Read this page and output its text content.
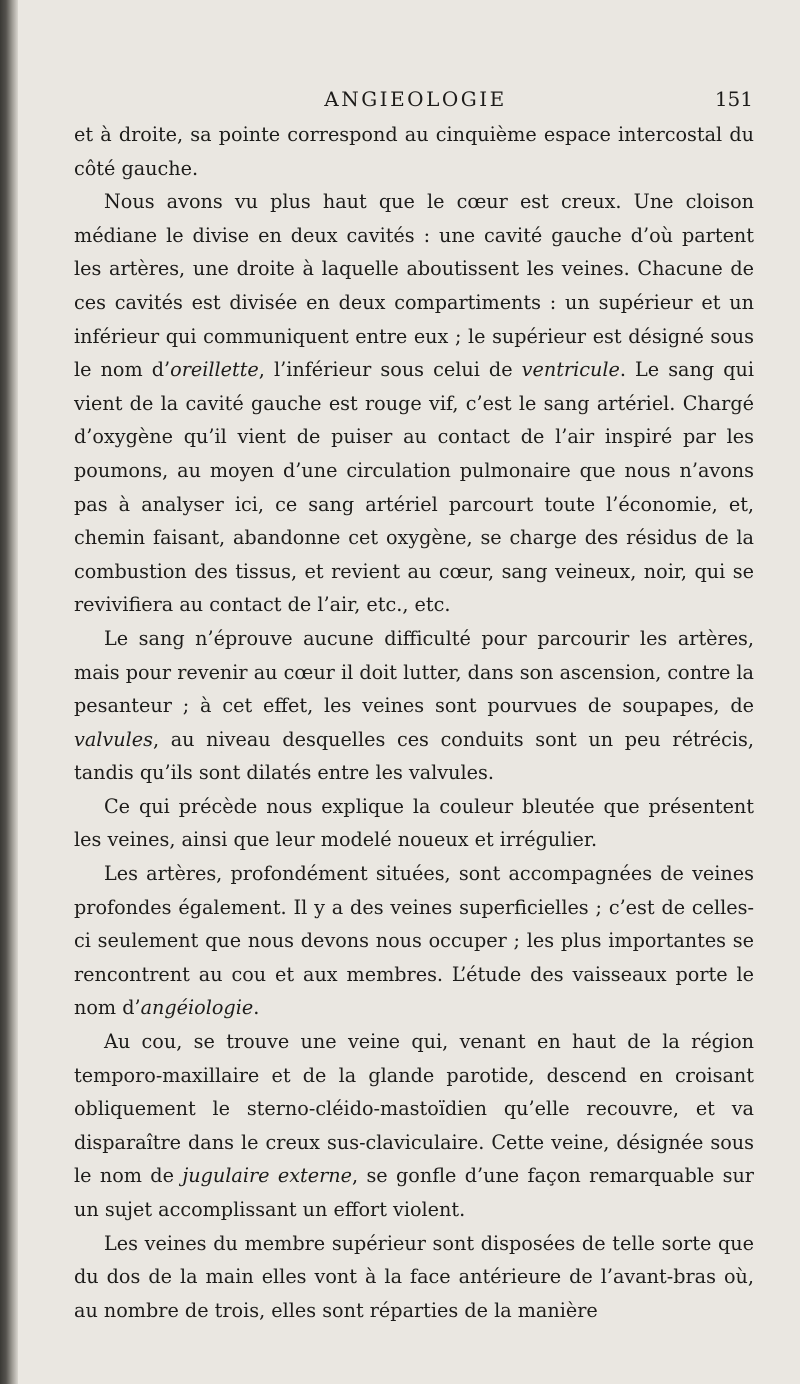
ANGIEOLOGIE	151

et à droite, sa pointe correspond au cinquième espace intercostal du côté gauche.

Nous avons vu plus haut que le cœur est creux. Une cloison médiane le divise en deux cavités : une cavité gauche d’où partent les artères, une droite à laquelle aboutissent les veines. Chacune de ces cavités est divisée en deux compartiments : un supérieur et un inférieur qui communiquent entre eux ; le supérieur est désigné sous le nom d’oreillette, l’inférieur sous celui de ventricule. Le sang qui vient de la cavité gauche est rouge vif, c’est le sang artériel. Chargé d’oxygène qu’il vient de puiser au contact de l’air inspiré par les poumons, au moyen d’une circulation pulmonaire que nous n’avons pas à analyser ici, ce sang artériel parcourt toute l’économie, et, chemin faisant, abandonne cet oxygène, se charge des résidus de la combustion des tissus, et revient au cœur, sang veineux, noir, qui se revivifiera au contact de l’air, etc., etc.

Le sang n’éprouve aucune difficulté pour parcourir les artères, mais pour revenir au cœur il doit lutter, dans son ascension, contre la pesanteur ; à cet effet, les veines sont pourvues de soupapes, de valvules, au niveau desquelles ces conduits sont un peu rétrécis, tandis qu’ils sont dilatés entre les valvules.

Ce qui précède nous explique la couleur bleutée que présentent les veines, ainsi que leur modelé noueux et irrégulier.

Les artères, profondément situées, sont accompagnées de veines profondes également. Il y a des veines superficielles ; c’est de celles-ci seulement que nous devons nous occuper ; les plus importantes se rencontrent au cou et aux membres. L’étude des vaisseaux porte le nom d’angéiologie.

Au cou, se trouve une veine qui, venant en haut de la région temporo-maxillaire et de la glande parotide, descend en croisant obliquement le sterno-cléido-mastoïdien qu’elle recouvre, et va disparaître dans le creux sus-claviculaire. Cette veine, désignée sous le nom de jugulaire externe, se gonfle d’une façon remarquable sur un sujet accomplissant un effort violent.

Les veines du membre supérieur sont disposées de telle sorte que du dos de la main elles vont à la face antérieure de l’avant-bras où, au nombre de trois, elles sont réparties de la manière
